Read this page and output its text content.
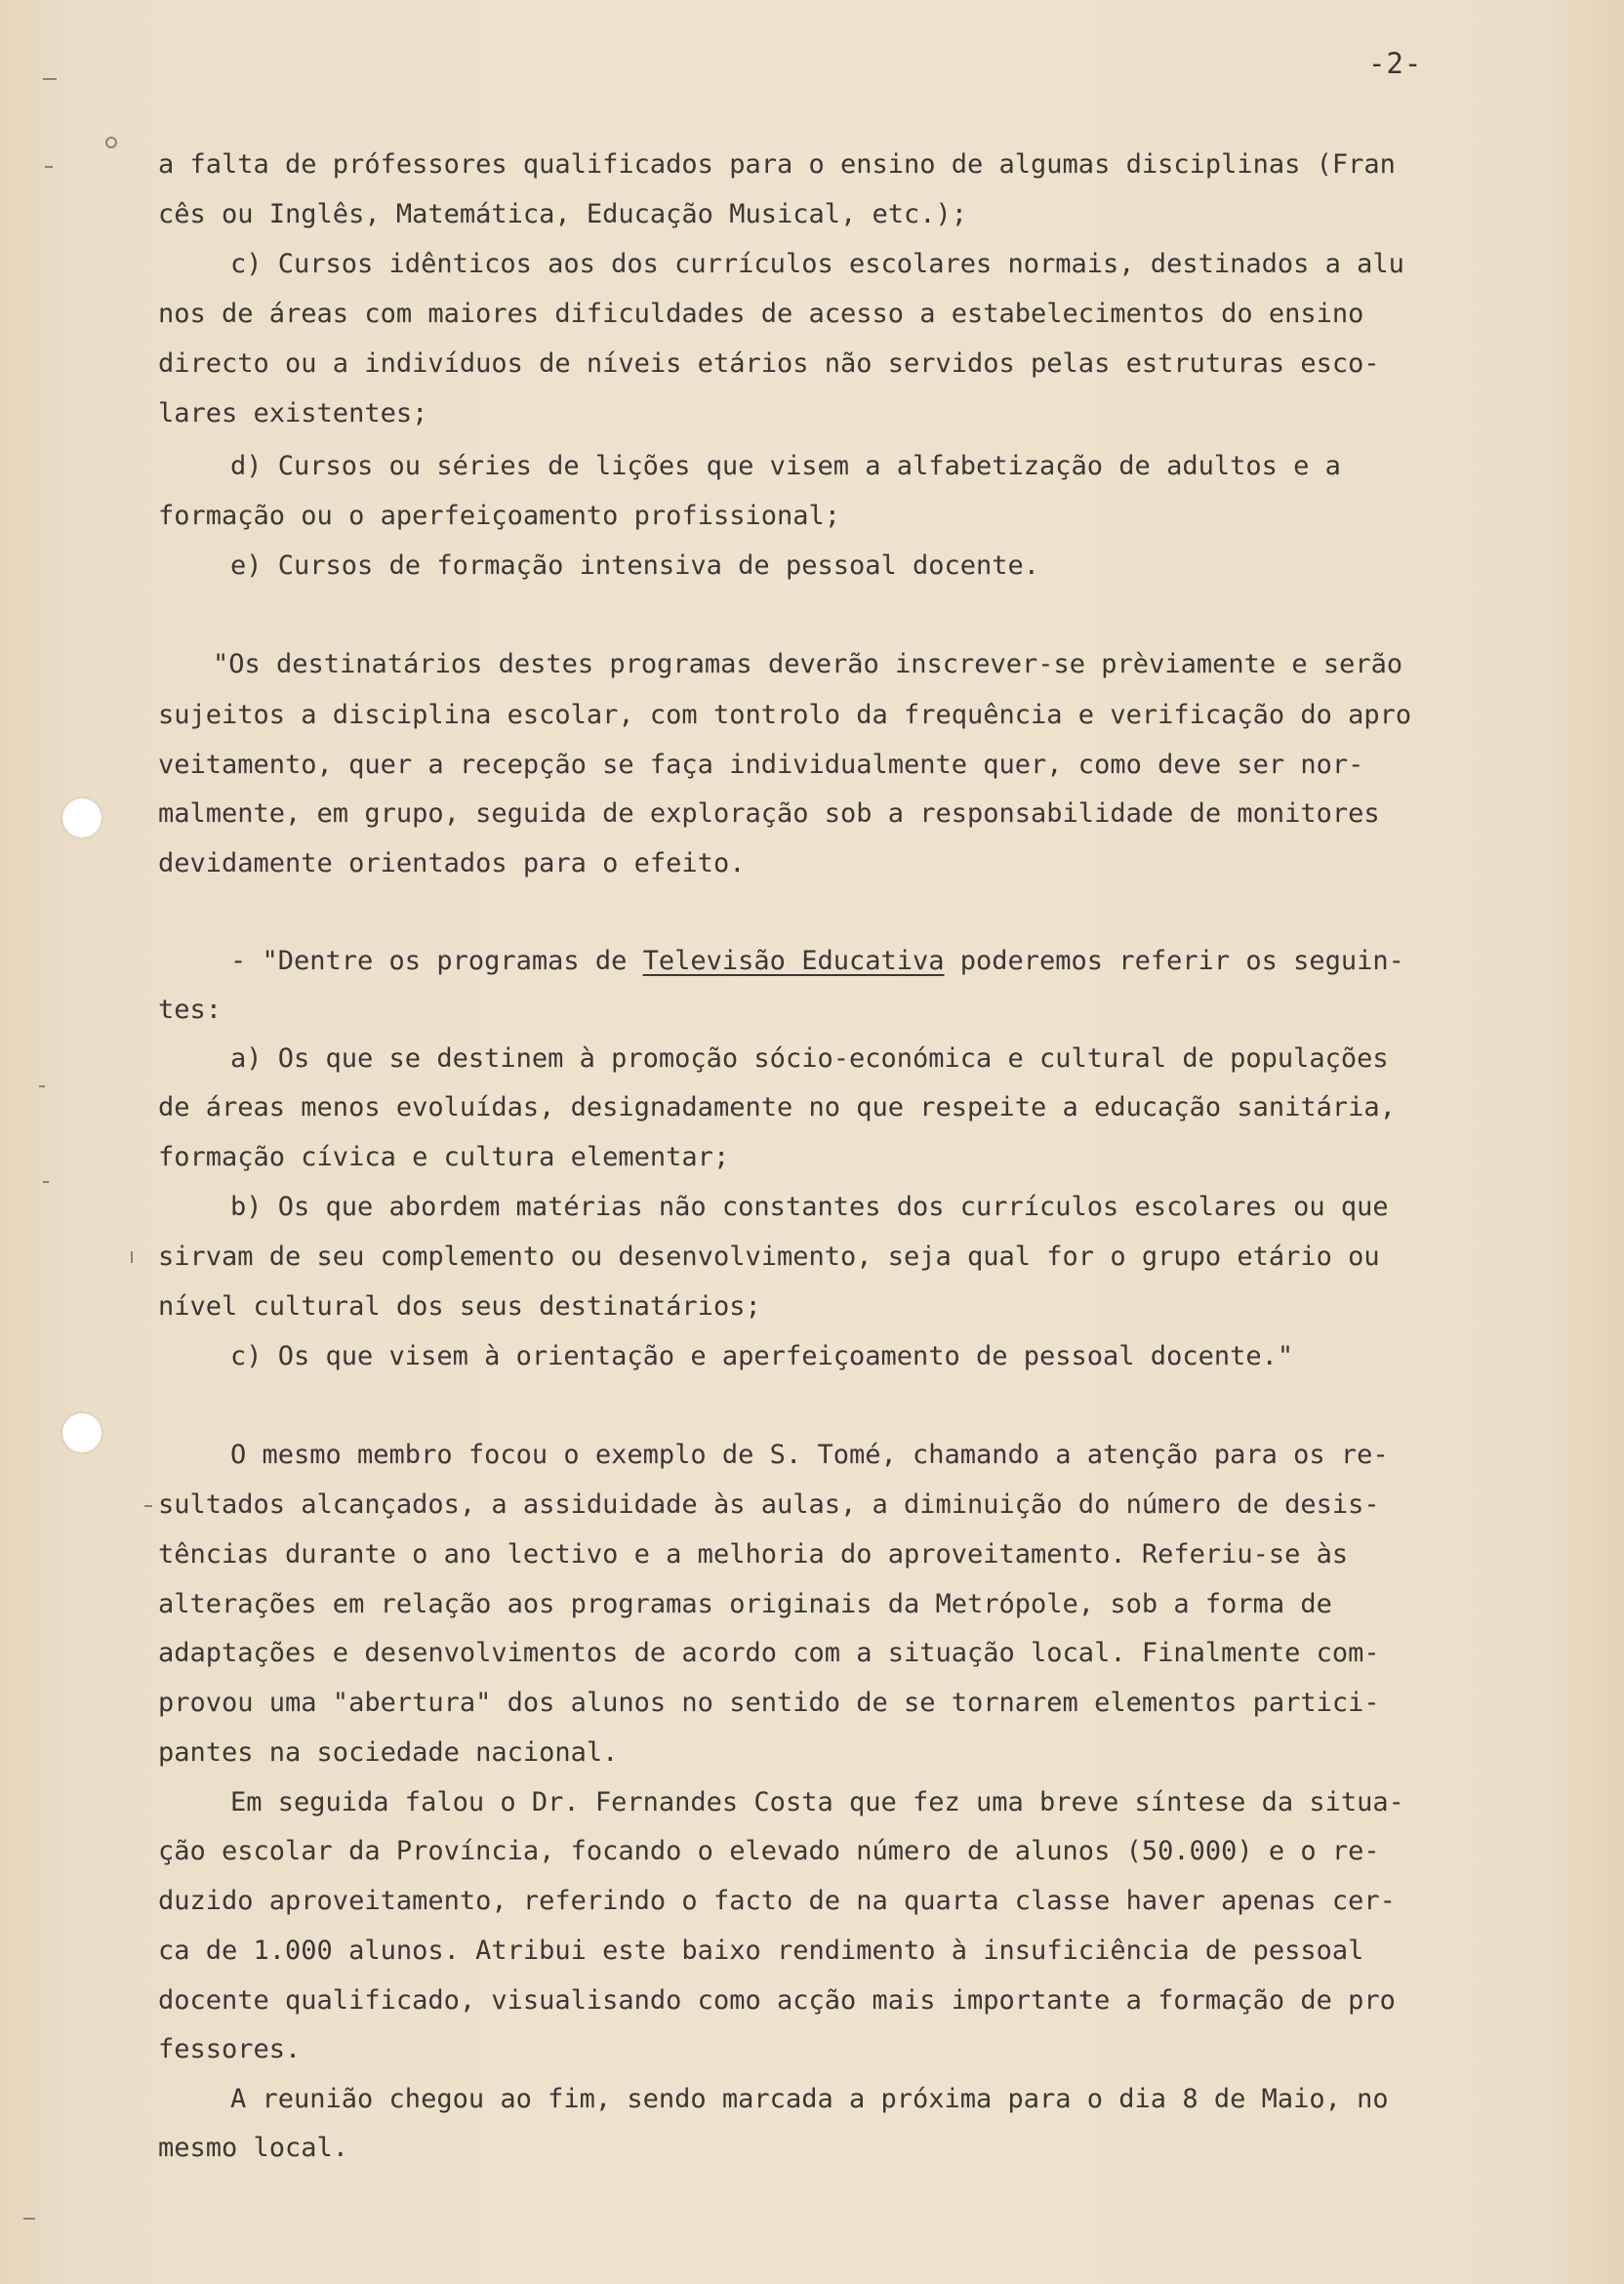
-2-
a falta de prófessores qualificados para o ensino de algumas disciplinas (Fran
cês ou Inglês, Matemática, Educação Musical, etc.);
c) Cursos idênticos aos dos currículos escolares normais, destinados a alu
nos de áreas com maiores dificuldades de acesso a estabelecimentos do ensino
directo ou a indivíduos de níveis etários não servidos pelas estruturas esco-
lares existentes;
d) Cursos ou séries de lições que visem a alfabetização de adultos e a
formação ou o aperfeiçoamento profissional;
e) Cursos de formação intensiva de pessoal docente.
"Os destinatários destes programas deverão inscrever-se prèviamente e serão
sujeitos a disciplina escolar, com tontrolo da frequência e verificação do apro
veitamento, quer a recepção se faça individualmente quer, como deve ser nor-
malmente, em grupo, seguida de exploração sob a responsabilidade de monitores
devidamente orientados para o efeito.
- "Dentre os programas de Televisão Educativa poderemos referir os seguin-
tes:
a) Os que se destinem à promoção sócio-económica e cultural de populações
de áreas menos evoluídas, designadamente no que respeite a educação sanitária,
formação cívica e cultura elementar;
b) Os que abordem matérias não constantes dos currículos escolares ou que
sirvam de seu complemento ou desenvolvimento, seja qual for o grupo etário ou
nível cultural dos seus destinatários;
c) Os que visem à orientação e aperfeiçoamento de pessoal docente."
O mesmo membro focou o exemplo de S. Tomé, chamando a atenção para os re-
sultados alcançados, a assiduidade às aulas, a diminuição do número de desis-
tências durante o ano lectivo e a melhoria do aproveitamento. Referiu-se às
alterações em relação aos programas originais da Metrópole, sob a forma de
adaptações e desenvolvimentos de acordo com a situação local. Finalmente com-
provou uma "abertura" dos alunos no sentido de se tornarem elementos partici-
pantes na sociedade nacional.
Em seguida falou o Dr. Fernandes Costa que fez uma breve síntese da situa-
ção escolar da Província, focando o elevado número de alunos (50.000) e o re-
duzido aproveitamento, referindo o facto de na quarta classe haver apenas cer-
ca de 1.000 alunos. Atribui este baixo rendimento à insuficiência de pessoal
docente qualificado, visualisando como acção mais importante a formação de pro
fessores.
A reunião chegou ao fim, sendo marcada a próxima para o dia 8 de Maio, no
mesmo local.
